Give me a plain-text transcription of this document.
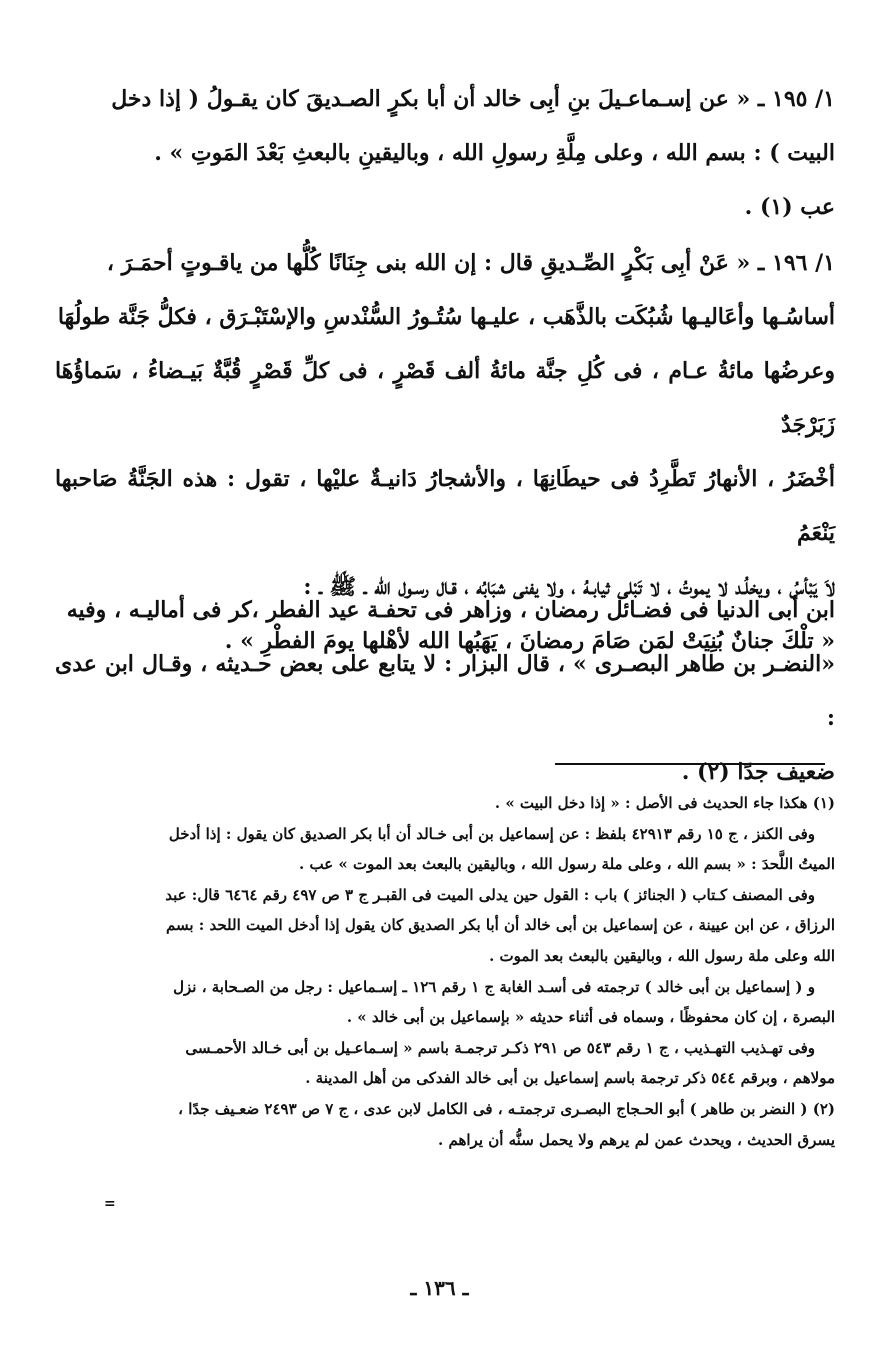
١/ ١٩٥ ـ « عن إسـماعـيلَ بنِ أبِى خالد أن أبا بكرٍ الصـديقَ كان يقـولُ ( إذا دخل

البيت ) : بسم الله ، وعلى مِلَّةِ رسولِ الله ، وباليقينِ بالبعثِ بَعْدَ المَوتِ » .

عب (١) .

١/ ١٩٦ ـ « عَنْ أبِى بَكْرٍ الصِّـديقِ قال : إن الله بنى جِنَانًا كُلُّها من ياقـوتٍ أحمَـرَ ،

أساسُـها وأعَاليـها شُبُكَت بالذَّهَب ، عليـها سُتُـورُ السُّنْدسِ والإسْتَبْـرَق ، فكلُّ جَنَّة طولُهَا

وعرضُها مائةُ عـام ، فى كُلِ جنَّة مائةُ ألف قَصْرٍ ، فى كلِّ قَصْرٍ قُبَّةٌ بَيـضاءُ ، سَماؤُهَا زَبَرْجَدٌ

أخْضَرُ ، الأنهارُ تَطَّرِدُ فى حيطَانِهَا ، والأشجارُ دَانيـةٌ عليْها ، تقول : هذه الجَنَّةُ صَاحبها يَنْعَمُ

لاَ يَبْأسُ ، ويخلُـد لا يموتُ ، لا تَبْلى ثيابـهُ ، ولا يفنى شبَابُه ، قـال رسـول الله ـ ﷺ ـ :

« تلْكَ جنانٌ بُنِيَتْ لمَن صَامَ رمضانَ ، يَهَبُها الله لأهْلها يومَ الفطْرِ » .

ابن أبى الدنيا فى فضـائل رمضان ، وزاهر فى تحفـة عيد الفطر ،كر فى أماليـه ، وفيه

«النضـر بن طاهر البصـرى » ، قال البزار : لا يتابع على بعض حـديثه ، وقـال ابن عدى :

ضعيف جدًا (٢) .

(١) هكذا جاء الحديث فى الأصل : « إذا دخل البيت » .

وفى الكنز ، ج ١٥ رقم ٤٢٩١٣ بلفظ : عن إسماعيل بن أبى خـالد أن أبا بكر الصديق كان يقول : إذا أدخل

الميتُ اللَّحدَ : « بسم الله ، وعلى ملة رسول الله ، وباليقين بالبعث بعد الموت » عب .

وفى المصنف كـتاب ( الجنائز ) باب : القول حين يدلى الميت فى القبـر ج ٣ ص ٤٩٧ رقم ٦٤٦٤ قال: عبد

الرزاق ، عن ابن عيينة ، عن إسماعيل بن أبى خالد أن أبا بكر الصديق كان يقول إذا أدخل الميت اللحد : بسم

الله وعلى ملة رسول الله ، وباليقين بالبعث بعد الموت .

و ( إسماعيل بن أبى خالد ) ترجمته فى أسـد الغابة ج ١ رقم ١٢٦ ـ إسـماعيل : رجل من الصـحابة ، نزل

البصرة ، إن كان محفوظًا ، وسماه فى أثناء حديثه « بإسماعيل بن أبى خالد » .

وفى تهـذيب التهـذيب ، ج ١ رقم ٥٤٣ ص ٢٩١ ذكـر ترجمـة باسم « إسـماعـيل بن أبى خـالد الأحمـسى

مولاهم ، وبرقم ٥٤٤ ذكر ترجمة باسم إسماعيل بن أبى خالد الفدكى من أهل المدينة .

(٢) ( النضر بن طاهر ) أبو الحـجاج البصـرى ترجمتـه ، فى الكامل لابن عدى ، ج ٧ ص ٢٤٩٣ ضعـيف جدًا ،

يسرق الحديث ، ويحدث عمن لم يرهم ولا يحمل سنُّه أن يراهم .

=
ـ ١٣٦ ـ
